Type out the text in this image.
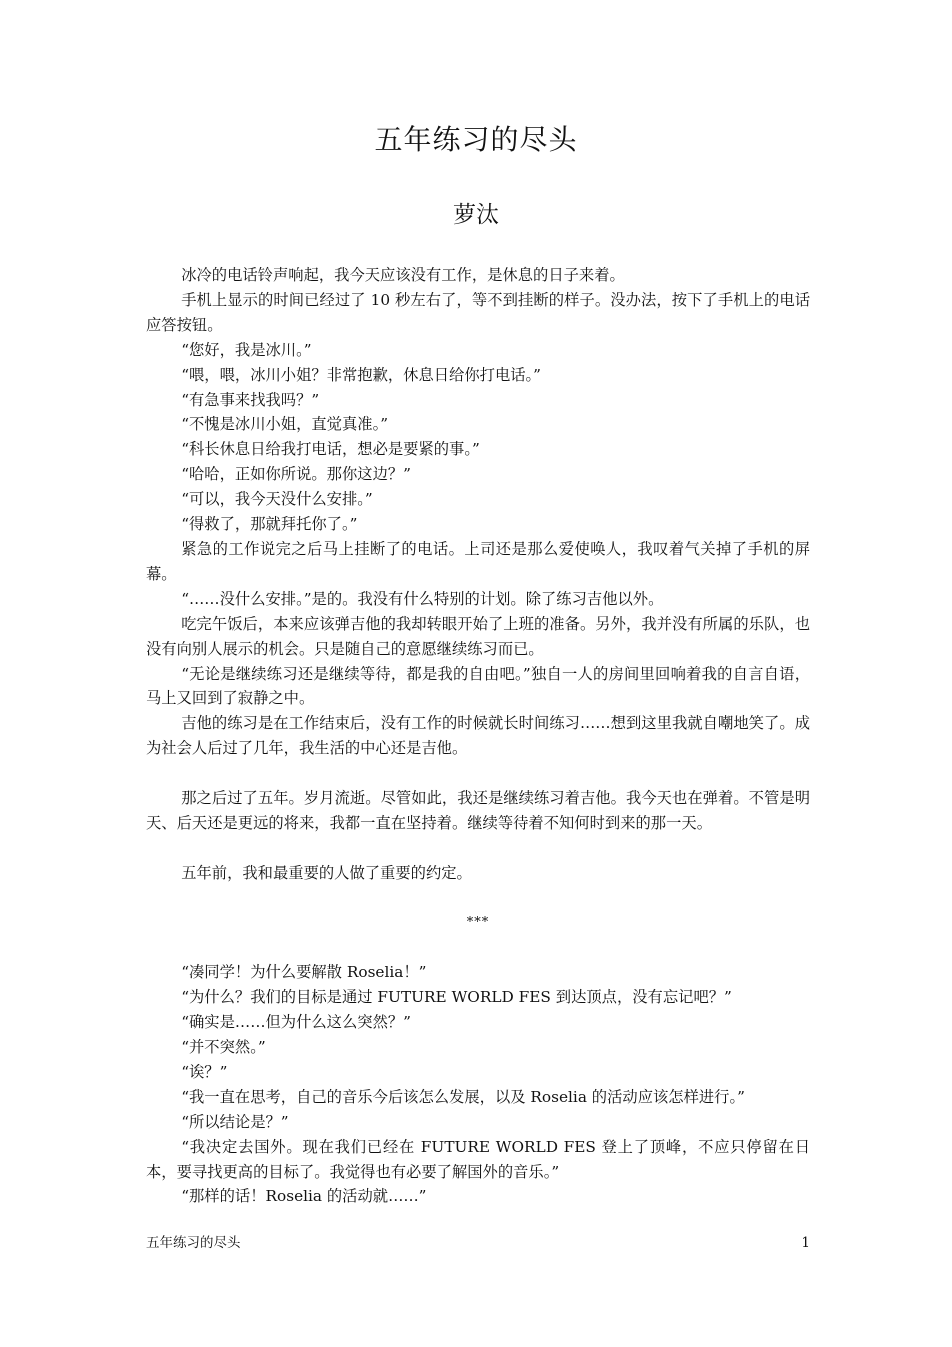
五年练习的尽头
萝汰

冰冷的电话铃声响起，我今天应该没有工作，是休息的日子来着。

手机上显示的时间已经过了 10 秒左右了，等不到挂断的样子。没办法，按下了手机上的电话应答按钮。

“您好，我是冰川。”

“喂，喂，冰川小姐？非常抱歉，休息日给你打电话。”

“有急事来找我吗？”

“不愧是冰川小姐，直觉真准。”

“科长休息日给我打电话，想必是要紧的事。”

“哈哈，正如你所说。那你这边？”

“可以，我今天没什么安排。”

“得救了，那就拜托你了。”

紧急的工作说完之后马上挂断了的电话。上司还是那么爱使唤人，我叹着气关掉了手机的屏幕。

“……没什么安排。”是的。我没有什么特别的计划。除了练习吉他以外。

吃完午饭后，本来应该弹吉他的我却转眼开始了上班的准备。另外，我并没有所属的乐队，也没有向别人展示的机会。只是随自己的意愿继续练习而已。

“无论是继续练习还是继续等待，都是我的自由吧。”独自一人的房间里回响着我的自言自语，马上又回到了寂静之中。

吉他的练习是在工作结束后，没有工作的时候就长时间练习……想到这里我就自嘲地笑了。成为社会人后过了几年，我生活的中心还是吉他。

那之后过了五年。岁月流逝。尽管如此，我还是继续练习着吉他。我今天也在弹着。不管是明天、后天还是更远的将来，我都一直在坚持着。继续等待着不知何时到来的那一天。

五年前，我和最重要的人做了重要的约定。

***

“凑同学！为什么要解散 Roselia！”

“为什么？我们的目标是通过 FUTURE WORLD FES 到达顶点，没有忘记吧？”

“确实是……但为什么这么突然？”

“并不突然。”

“诶？”

“我一直在思考，自己的音乐今后该怎么发展，以及 Roselia 的活动应该怎样进行。”

“所以结论是？”

“我决定去国外。现在我们已经在 FUTURE WORLD FES 登上了顶峰，不应只停留在日本，要寻找更高的目标了。我觉得也有必要了解国外的音乐。”

“那样的话！Roselia 的活动就……”

五年练习的尽头	1
